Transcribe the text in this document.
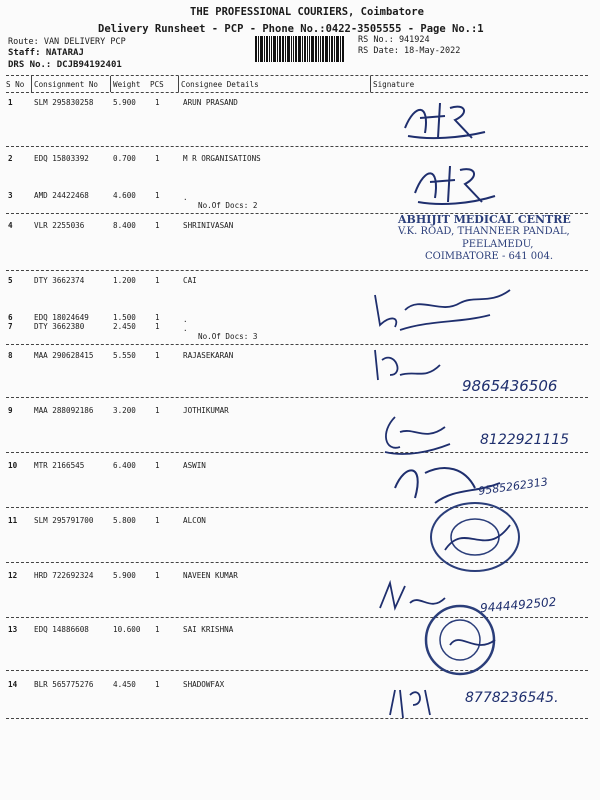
THE PROFESSIONAL COURIERS, Coimbatore
Delivery Runsheet - PCP - Phone No.:0422-3505555 - Page No.:1
Route: VAN DELIVERY PCP
Staff: NATARAJ
DRS No.: DCJB94192401
RS No.: 941924
RS Date: 18-May-2022
S No Consignment No Weight PCS Consignee Details	Signature
1	SLM 295830258	5.900	1	ARUN PRASAND
2	EDQ 15803392	0.700	1	M R ORGANISATIONS
3	AMD 24422468	4.600	1	.
No.Of Docs: 2
4	VLR 2255036	8.400	1	SHRINIVASAN
5	DTY 3662374	1.200	1	CAI
6	EDQ 18024649	1.500	1	.
7	DTY 3662380	2.450	1	.
No.Of Docs: 3
8	MAA 290628415	5.550	1	RAJASEKARAN
9	MAA 288092186	3.200	1	JOTHIKUMAR
10 MTR 2166545	6.400	1	ASWIN
11 SLM 295791700	5.800	1	ALCON
12 HRD 722692324	5.900	1	NAVEEN KUMAR
13 EDQ 14886608	10.600 1	SAI KRISHNA
14 BLR 565775276	4.450	1	SHADOWFAX
9865436506
8122921115
9585262313
9444492502
8778236545.
ABHIJIT MEDICAL CENTRE
V.K. ROAD, THANNEER PANDAL,
PEELAMEDU,
COIMBATORE - 641 004.
